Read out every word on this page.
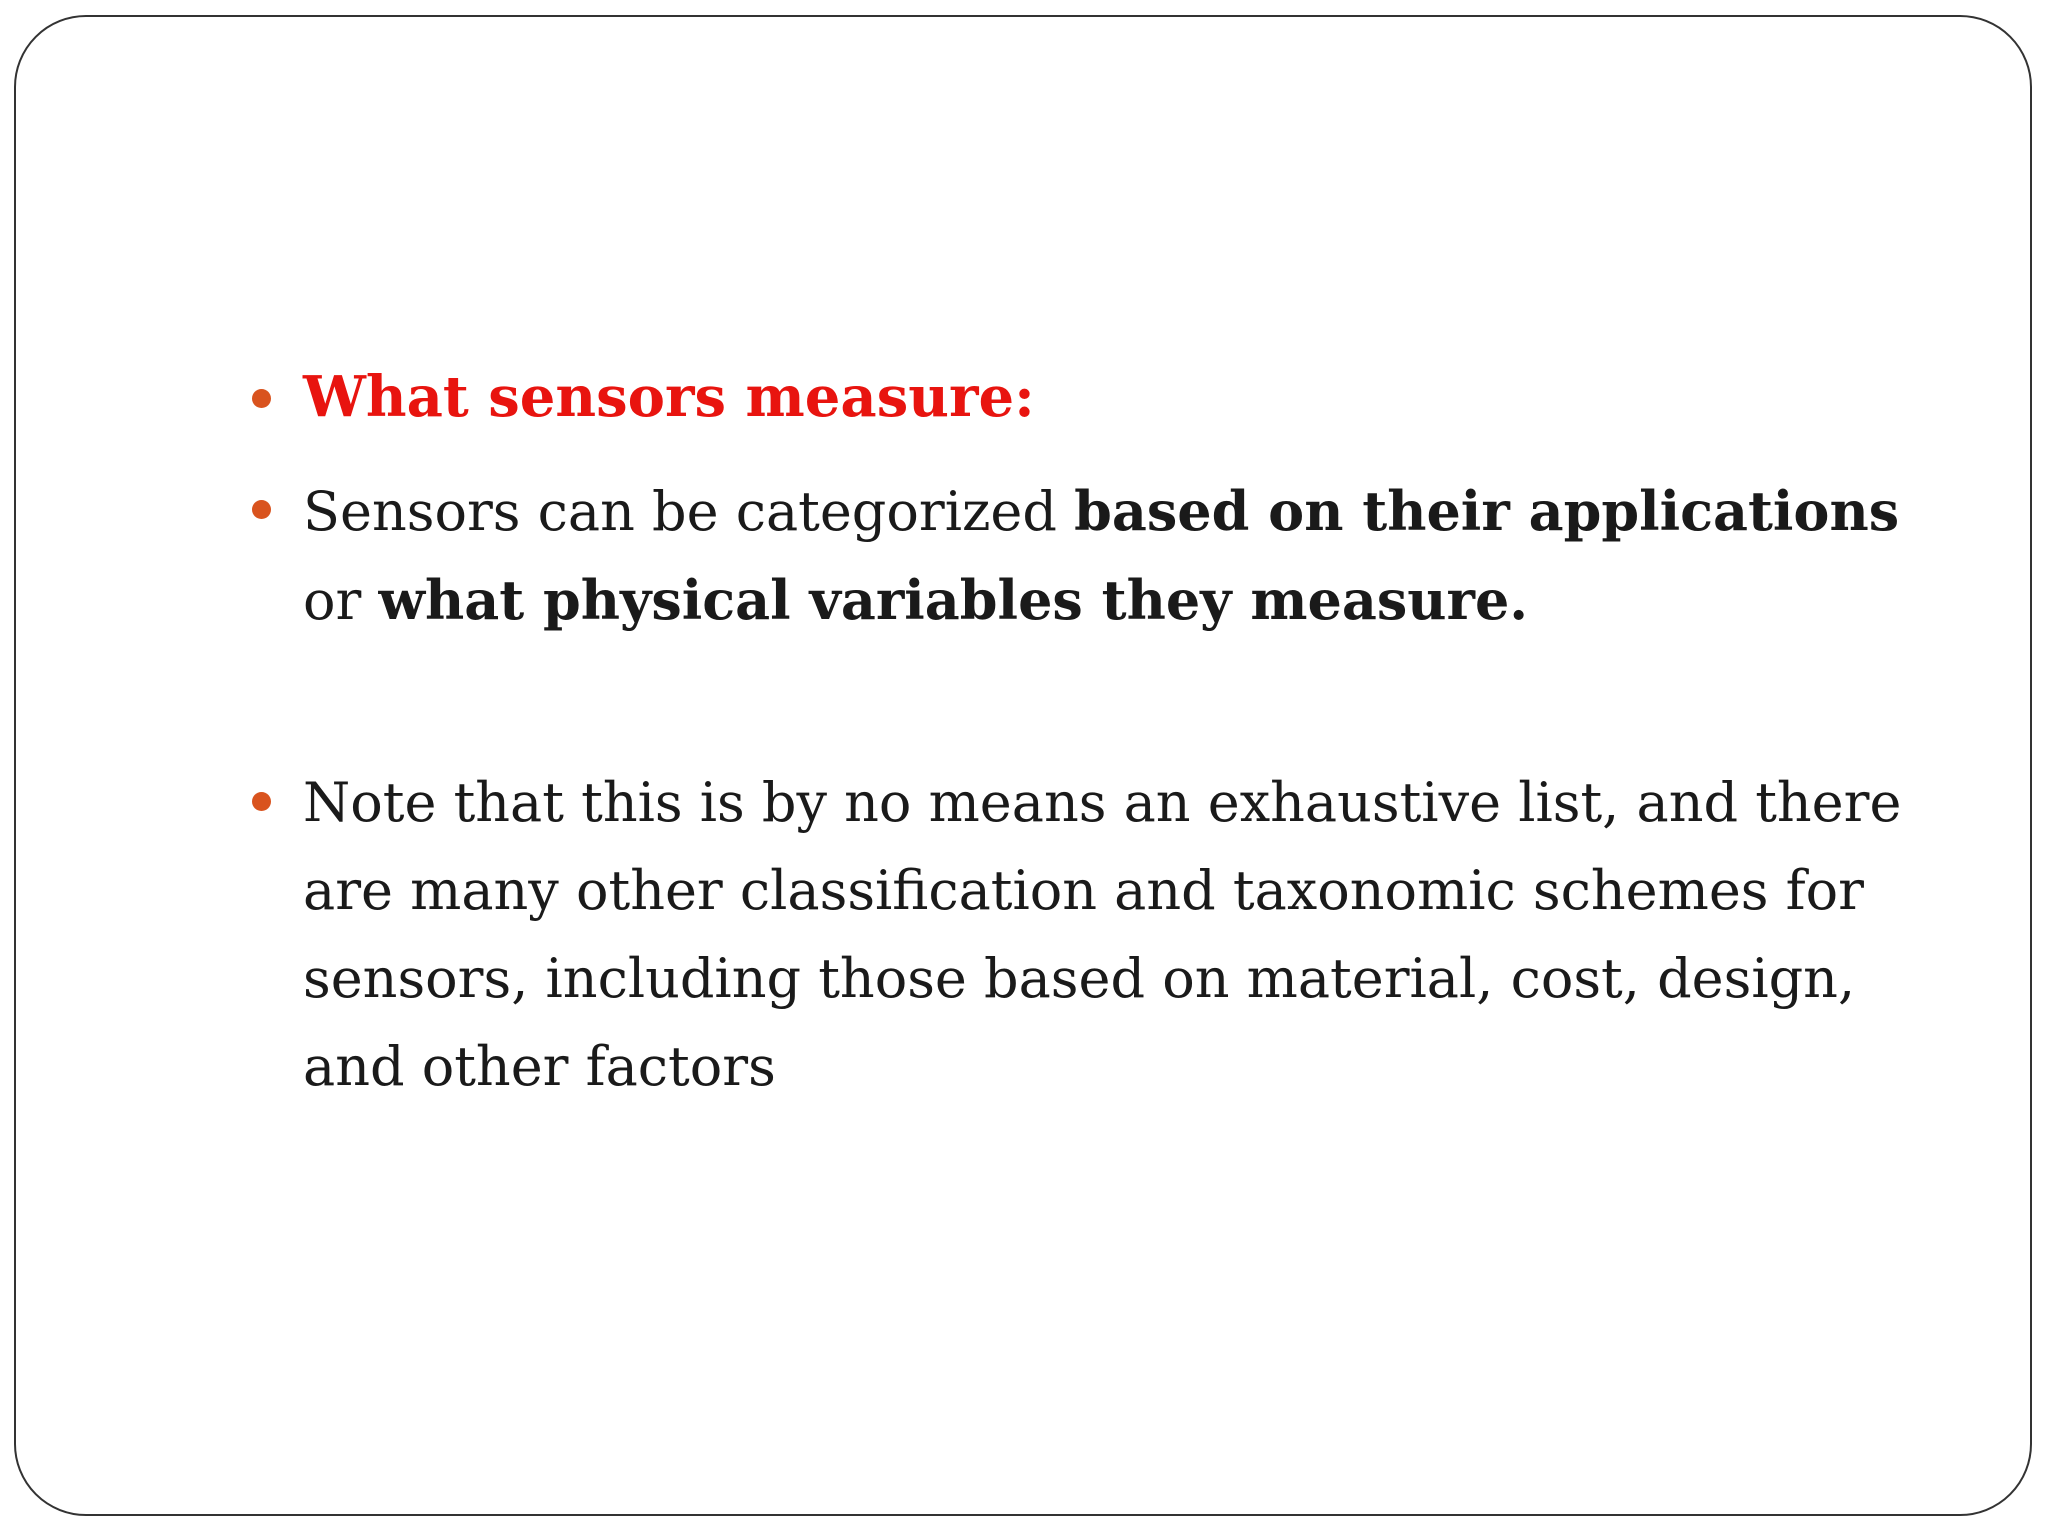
What sensors measure:
Sensors can be categorized based on their applications or what physical variables they measure.
Note that this is by no means an exhaustive list, and there are many other classification and taxonomic schemes for sensors, including those based on material, cost, design, and other factors
